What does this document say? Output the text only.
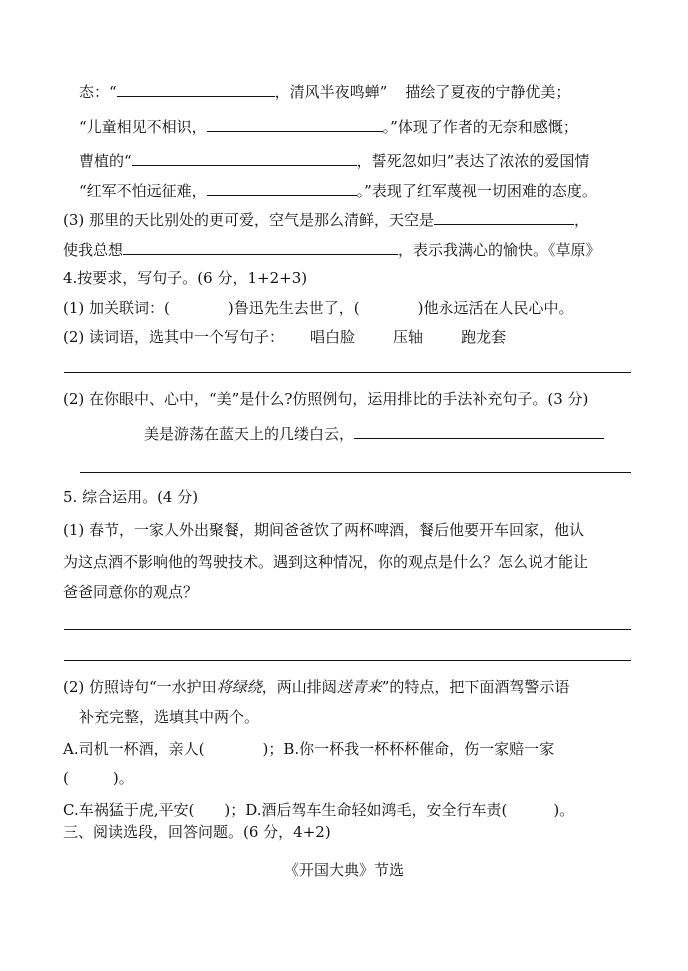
态：“	，清风半夜鸣蝉” 描绘了夏夜的宁静优美；
“儿童相见不相识，	。”体现了作者的无奈和感慨；
曹植的“	，誓死忽如归”表达了浓浓的爱国情
“红军不怕远征难，	。”表现了红军蔑视一切困难的态度。
(3) 那里的天比别处的更可爱，空气是那么清鲜，天空是	，
使我总想	，表示我满心的愉快。《草原》
4.按要求，写句子。(6 分，1+2+3)
(1) 加关联词：(	)鲁迅先生去世了，(	)他永远活在人民心中。
(2) 读词语，选其中一个写句子： 唱白脸	压轴	跑龙套
(2) 在你眼中、心中，“美”是什么?仿照例句，运用排比的手法补充句子。(3 分)
美是游荡在蓝天上的几缕白云，
5. 综合运用。(4 分)
(1) 春节，一家人外出聚餐，期间爸爸饮了两杯啤酒，餐后他要开车回家，他认
为这点酒不影响他的驾驶技术。遇到这种情况，你的观点是什么？怎么说才能让
爸爸同意你的观点？
(2) 仿照诗句“一水护田将绿绕，两山排闼送青来”的特点，把下面酒驾警示语
补充完整，选填其中两个。
A.司机一杯酒，亲人(	)；B.你一杯我一杯杯杯催命，伤一家赔一家
(	)。
C.车祸猛于虎,平安( )；D.酒后驾车生命轻如鸿毛，安全行车责(	)。
三、阅读选段，回答问题。(6 分，4+2)
《开国大典》节选
